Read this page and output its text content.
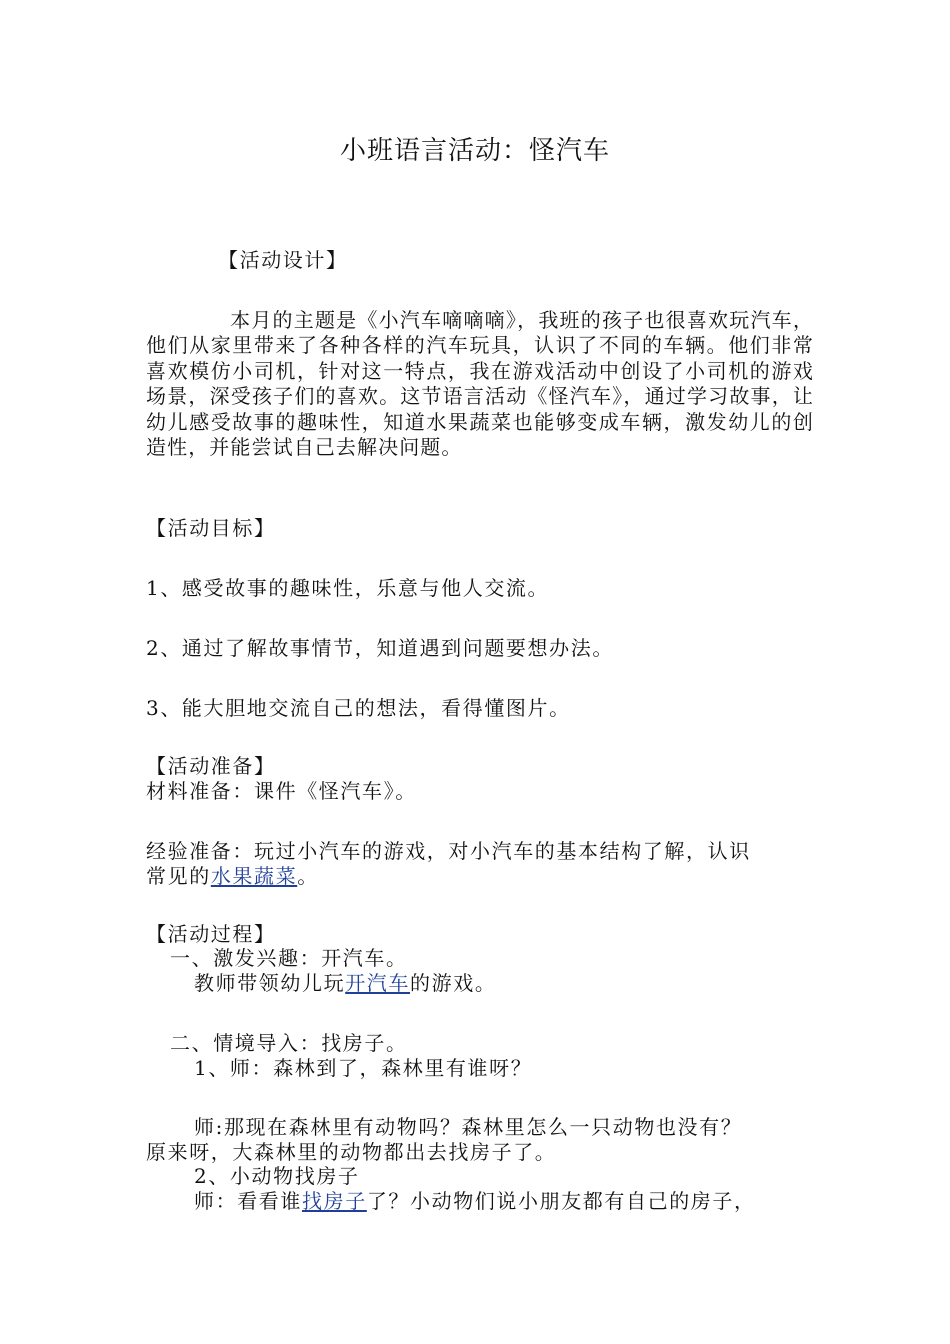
小班语言活动：怪汽车
【活动设计】
本月的主题是《小汽车嘀嘀嘀》，我班的孩子也很喜欢玩汽车，他们从家里带来了各种各样的汽车玩具，认识了不同的车辆。他们非常喜欢模仿小司机，针对这一特点，我在游戏活动中创设了小司机的游戏场景，深受孩子们的喜欢。这节语言活动《怪汽车》，通过学习故事，让幼儿感受故事的趣味性，知道水果蔬菜也能够变成车辆，激发幼儿的创造性，并能尝试自己去解决问题。
【活动目标】
1、感受故事的趣味性，乐意与他人交流。
2、通过了解故事情节，知道遇到问题要想办法。
3、能大胆地交流自己的想法，看得懂图片。
【活动准备】
材料准备：课件《怪汽车》。
经验准备：玩过小汽车的游戏，对小汽车的基本结构了解，认识
常见的水果蔬菜。
【活动过程】
一、激发兴趣：开汽车。
教师带领幼儿玩开汽车的游戏。
二、情境导入：找房子。
1、师：森林到了，森林里有谁呀？
师:那现在森林里有动物吗？森林里怎么一只动物也没有？
原来呀，大森林里的动物都出去找房子了。
2、小动物找房子
师：看看谁找房子了？小动物们说小朋友都有自己的房子，
